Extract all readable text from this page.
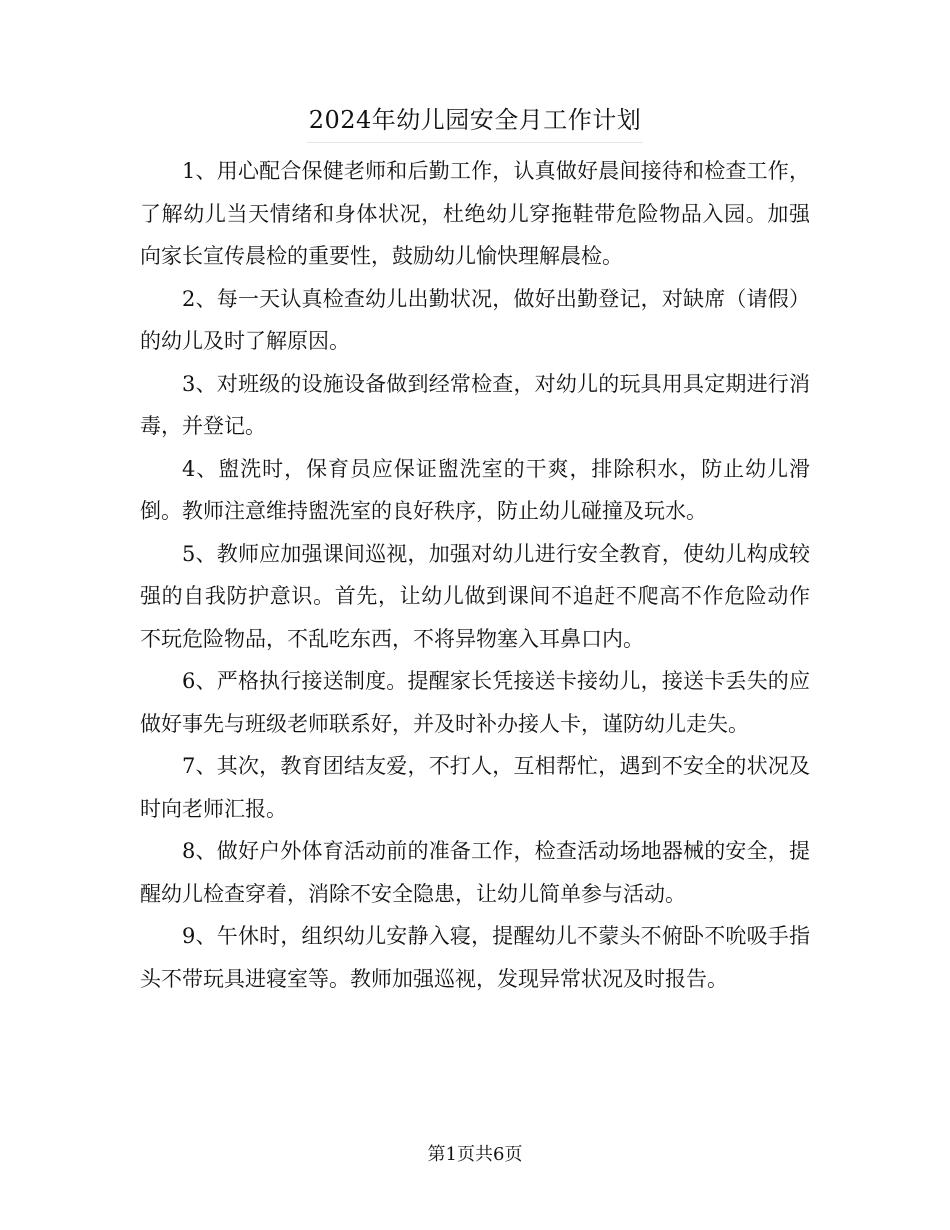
2024年幼儿园安全月工作计划

1、用心配合保健老师和后勤工作，认真做好晨间接待和检查工作，了解幼儿当天情绪和身体状况，杜绝幼儿穿拖鞋带危险物品入园。加强向家长宣传晨检的重要性，鼓励幼儿愉快理解晨检。

2、每一天认真检查幼儿出勤状况，做好出勤登记，对缺席（请假）的幼儿及时了解原因。

3、对班级的设施设备做到经常检查，对幼儿的玩具用具定期进行消毒，并登记。

4、盥洗时，保育员应保证盥洗室的干爽，排除积水，防止幼儿滑倒。教师注意维持盥洗室的良好秩序，防止幼儿碰撞及玩水。

5、教师应加强课间巡视，加强对幼儿进行安全教育，使幼儿构成较强的自我防护意识。首先，让幼儿做到课间不追赶不爬高不作危险动作不玩危险物品，不乱吃东西，不将异物塞入耳鼻口内。

6、严格执行接送制度。提醒家长凭接送卡接幼儿，接送卡丢失的应做好事先与班级老师联系好，并及时补办接人卡，谨防幼儿走失。

7、其次，教育团结友爱，不打人，互相帮忙，遇到不安全的状况及时向老师汇报。

8、做好户外体育活动前的准备工作，检查活动场地器械的安全，提醒幼儿检查穿着，消除不安全隐患，让幼儿简单参与活动。

9、午休时，组织幼儿安静入寝，提醒幼儿不蒙头不俯卧不吮吸手指头不带玩具进寝室等。教师加强巡视，发现异常状况及时报告。

第1页共6页
